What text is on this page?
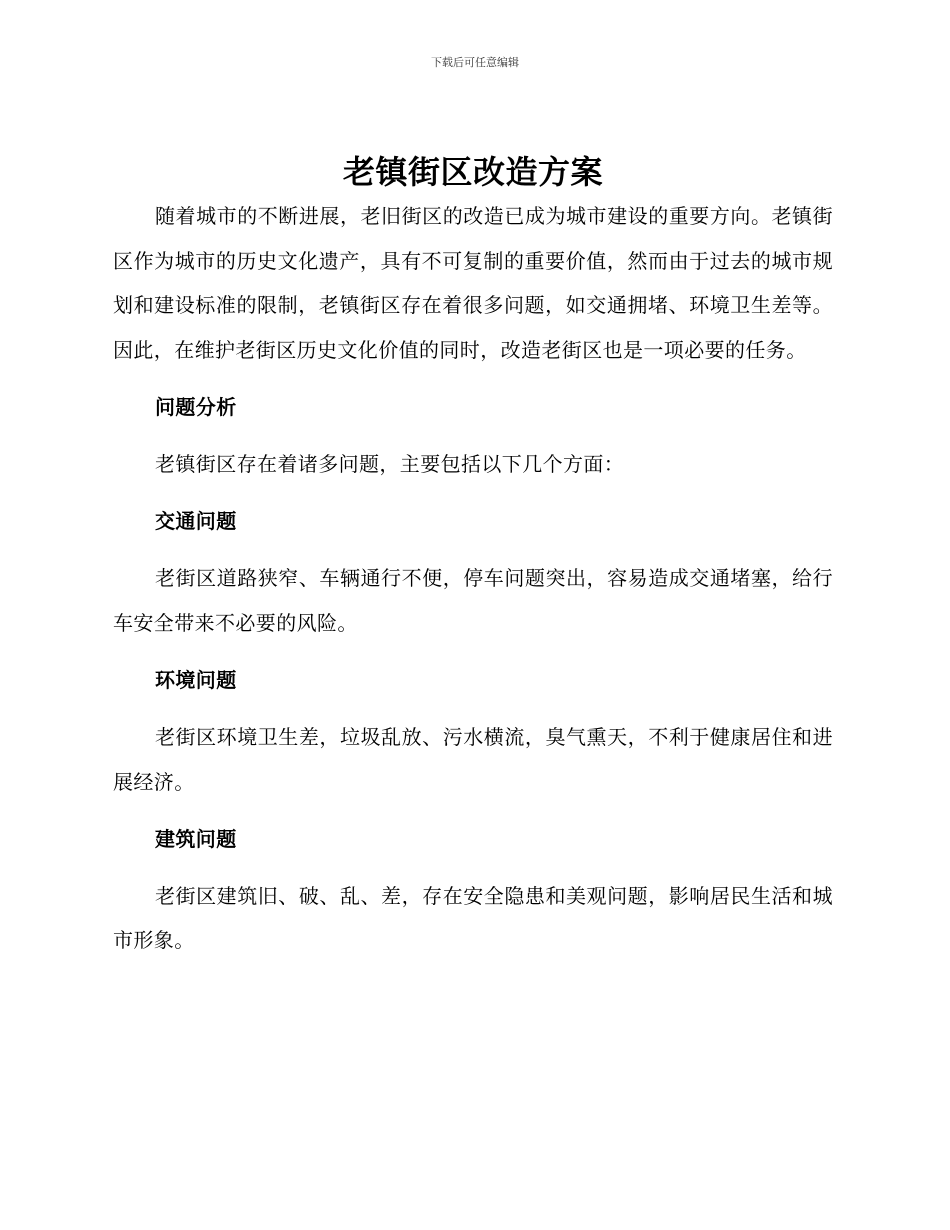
下载后可任意编辑
老镇街区改造方案

随着城市的不断进展，老旧街区的改造已成为城市建设的重要方向。老镇街区作为城市的历史文化遗产，具有不可复制的重要价值，然而由于过去的城市规划和建设标准的限制，老镇街区存在着很多问题，如交通拥堵、环境卫生差等。因此，在维护老街区历史文化价值的同时，改造老街区也是一项必要的任务。

问题分析

老镇街区存在着诸多问题，主要包括以下几个方面：

交通问题

老街区道路狭窄、车辆通行不便，停车问题突出，容易造成交通堵塞，给行车安全带来不必要的风险。

环境问题

老街区环境卫生差，垃圾乱放、污水横流，臭气熏天，不利于健康居住和进展经济。

建筑问题

老街区建筑旧、破、乱、差，存在安全隐患和美观问题，影响居民生活和城市形象。
